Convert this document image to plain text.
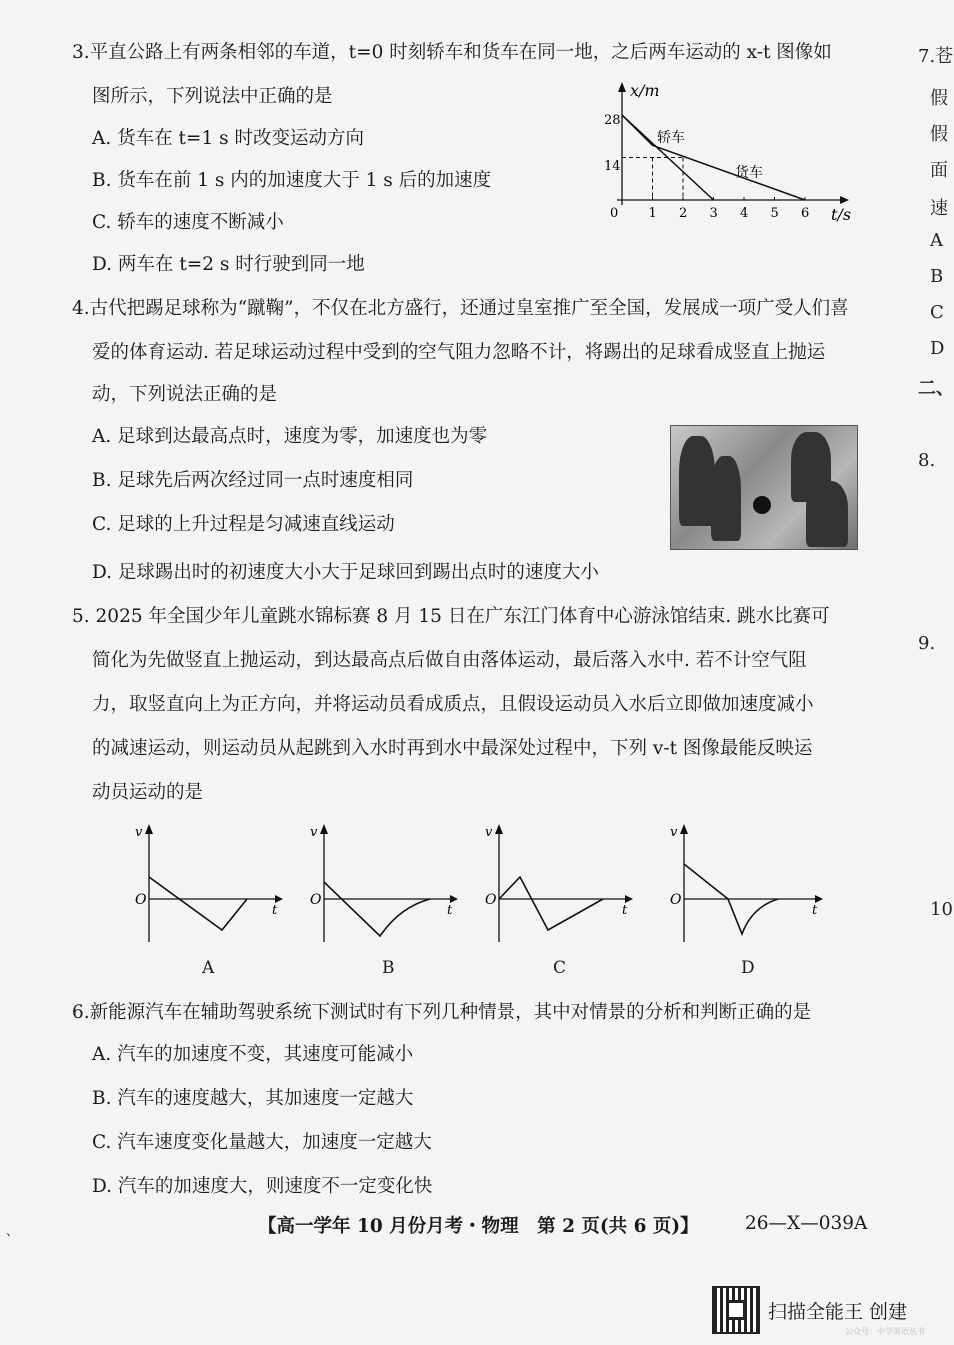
3.平直公路上有两条相邻的车道，t=0 时刻轿车和货车在同一地，之后两车运动的 x-t 图像如
图所示，下列说法中正确的是
A. 货车在 t=1 s 时改变运动方向
B. 货车在前 1 s 内的加速度大于 1 s 后的加速度
C. 轿车的速度不断减小
D. 两车在 t=2 s 时行驶到同一地
x/m
t/s
28
14
0 1 2 3 4 5 6
轿车
货车
4.古代把踢足球称为“蹴鞠”，不仅在北方盛行，还通过皇室推广至全国，发展成一项广受人们喜
爱的体育运动. 若足球运动过程中受到的空气阻力忽略不计，将踢出的足球看成竖直上抛运
动，下列说法正确的是
A. 足球到达最高点时，速度为零，加速度也为零
B. 足球先后两次经过同一点时速度相同
C. 足球的上升过程是匀减速直线运动
D. 足球踢出时的初速度大小大于足球回到踢出点时的速度大小
5. 2025 年全国少年儿童跳水锦标赛 8 月 15 日在广东江门体育中心游泳馆结束. 跳水比赛可
简化为先做竖直上抛运动，到达最高点后做自由落体运动，最后落入水中. 若不计空气阻
力，取竖直向上为正方向，并将运动员看成质点，且假设运动员入水后立即做加速度减小
的减速运动，则运动员从起跳到入水时再到水中最深处过程中，下列 v-t 图像最能反映运
动员运动的是
v
t
O
v
t
O
v
t
O
v
t
O
A	B	C	D
6.新能源汽车在辅助驾驶系统下测试时有下列几种情景，其中对情景的分析和判断正确的是
A. 汽车的加速度不变，其速度可能减小
B. 汽车的速度越大，其加速度一定越大
C. 汽车速度变化量越大，加速度一定越大
D. 汽车的加速度大，则速度不一定变化快
7.苍
假
假
面
速
A
B
C
D
二、
8.
9.
10
、	【高一学年 10 月份月考・物理　第 2 页(共 6 页)】	26—X—039A
扫描全能王 创建
公众号：中学英语丛书
